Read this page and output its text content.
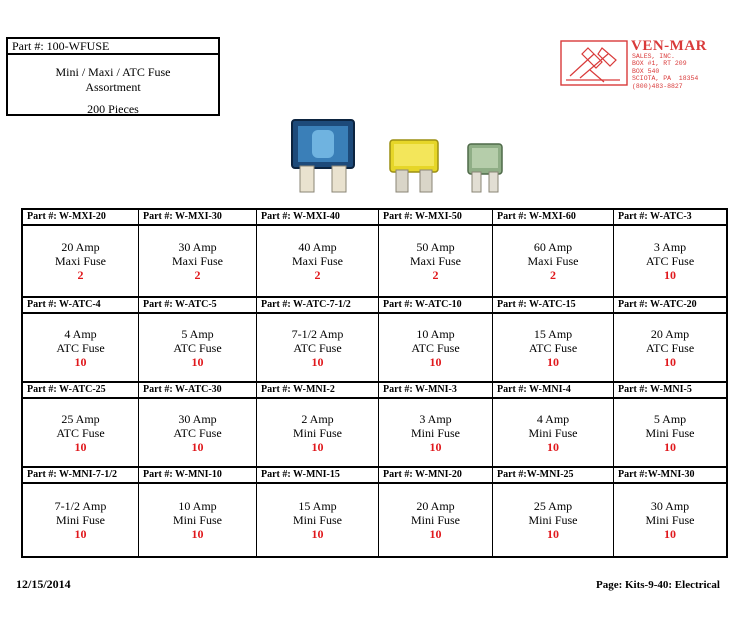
Part #: 100-WFUSE
Mini / Maxi / ATC Fuse
Assortment
200 Pieces
VEN-MAR
SALES, INC.
BOX #1, RT 209
BOX 540
SCIOTA, PA  18354
(800)483-8827
Part #: W-MXI-20
20 Amp
Maxi Fuse
2
Part #: W-MXI-30
30 Amp
Maxi Fuse
2
Part #: W-MXI-40
40 Amp
Maxi Fuse
2
Part #: W-MXI-50
50 Amp
Maxi Fuse
2
Part #: W-MXI-60
60 Amp
Maxi Fuse
2
Part #: W-ATC-3
3 Amp
ATC Fuse
10
Part #: W-ATC-4
4 Amp
ATC Fuse
10
Part #: W-ATC-5
5 Amp
ATC Fuse
10
Part #: W-ATC-7-1/2
7-1/2 Amp
ATC Fuse
10
Part #: W-ATC-10
10 Amp
ATC Fuse
10
Part #: W-ATC-15
15 Amp
ATC Fuse
10
Part #: W-ATC-20
20 Amp
ATC Fuse
10
Part #: W-ATC-25
25 Amp
ATC Fuse
10
Part #: W-ATC-30
30 Amp
ATC Fuse
10
Part #: W-MNI-2
2 Amp
Mini Fuse
10
Part #: W-MNI-3
3 Amp
Mini Fuse
10
Part #: W-MNI-4
4 Amp
Mini Fuse
10
Part #: W-MNI-5
5 Amp
Mini Fuse
10
Part #: W-MNI-7-1/2
7-1/2 Amp
Mini Fuse
10
Part #: W-MNI-10
10 Amp
Mini Fuse
10
Part #: W-MNI-15
15 Amp
Mini Fuse
10
Part #: W-MNI-20
20 Amp
Mini Fuse
10
Part #:W-MNI-25
25 Amp
Mini Fuse
10
Part #:W-MNI-30
30 Amp
Mini Fuse
10
12/15/2014	Page: Kits-9-40: Electrical
